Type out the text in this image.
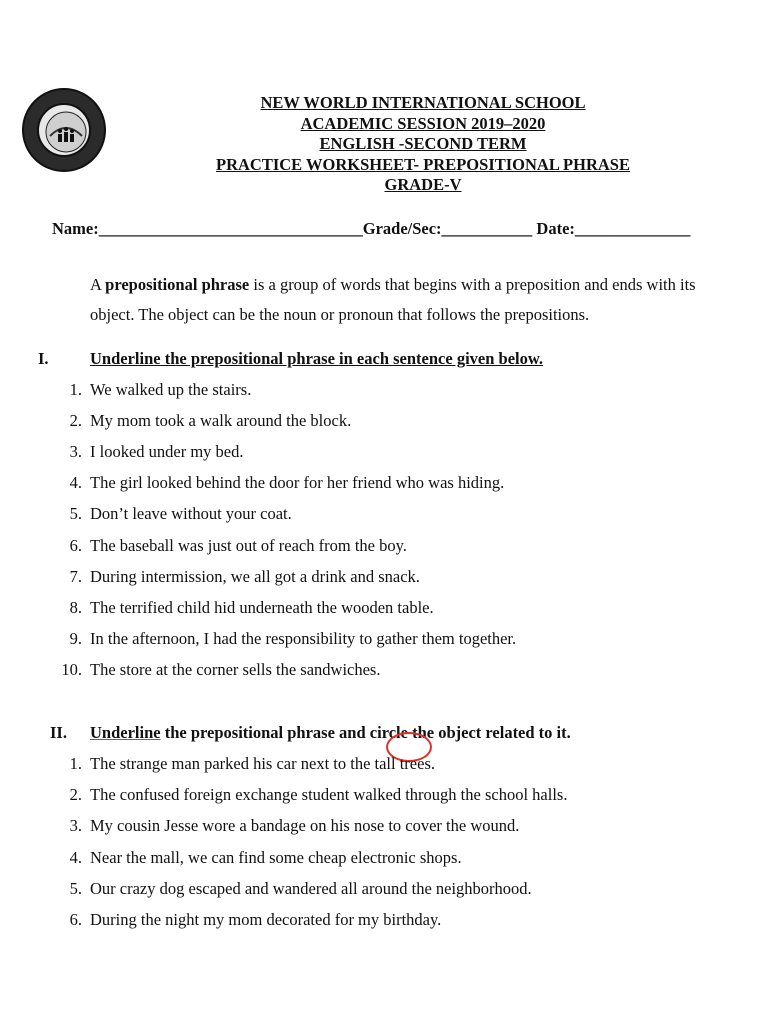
NEW WORLD INTERNATIONAL SCHOOL
ACADEMIC SESSION 2019–2020
ENGLISH -SECOND TERM
PRACTICE WORKSHEET- PREPOSITIONAL PHRASE
GRADE-V
Name:________________________________Grade/Sec:___________ Date:______________
A prepositional phrase is a group of words that begins with a preposition and ends with its object. The object can be the noun or pronoun that follows the prepositions.
I.	Underline the prepositional phrase in each sentence given below.
1. We walked up the stairs.
2. My mom took a walk around the block.
3. I looked under my bed.
4. The girl looked behind the door for her friend who was hiding.
5. Don’t leave without your coat.
6. The baseball was just out of reach from the boy.
7. During intermission, we all got a drink and snack.
8. The terrified child hid underneath the wooden table.
9. In the afternoon, I had the responsibility to gather them together.
10. The store at the corner sells the sandwiches.
II. Underline the prepositional phrase and circle the object related to it.
1. The strange man parked his car next to the tall trees.
2. The confused foreign exchange student walked through the school halls.
3. My cousin Jesse wore a bandage on his nose to cover the wound.
4. Near the mall, we can find some cheap electronic shops.
5. Our crazy dog escaped and wandered all around the neighborhood.
6. During the night my mom decorated for my birthday.
